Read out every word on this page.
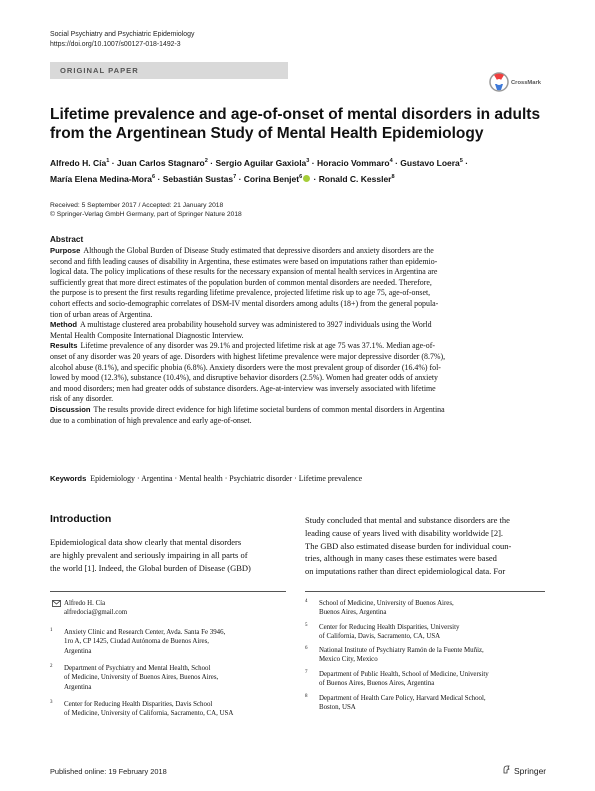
Social Psychiatry and Psychiatric Epidemiology
https://doi.org/10.1007/s00127-018-1492-3
ORIGINAL PAPER
CrossMark
Lifetime prevalence and age-of-onset of mental disorders in adults
from the Argentinean Study of Mental Health Epidemiology
Alfredo H. Cía$^1$ · Juan Carlos Stagnaro$^2$ · Sergio Aguilar Gaxiola$^3$ · Horacio Vommaro$^4$ · Gustavo Loera$^5$ ·
María Elena Medina-Mora$^6$ · Sebastián Sustas$^7$ · Corina Benjet$^6$ · Ronald C. Kessler$^8$
Received: 5 September 2017 / Accepted: 21 January 2018
© Springer-Verlag GmbH Germany, part of Springer Nature 2018
Abstract
Purpose Although the Global Burden of Disease Study estimated that depressive disorders and anxiety disorders are the
second and fifth leading causes of disability in Argentina, these estimates were based on imputations rather than epidemio-
logical data. The policy implications of these results for the necessary expansion of mental health services in Argentina are
sufficiently great that more direct estimates of the population burden of common mental disorders are needed. Therefore,
the purpose is to present the first results regarding lifetime prevalence, projected lifetime risk up to age 75, age-of-onset,
cohort effects and socio-demographic correlates of DSM-IV mental disorders among adults (18+) from the general popula-
tion of urban areas of Argentina.
Method A multistage clustered area probability household survey was administered to 3927 individuals using the World
Mental Health Composite International Diagnostic Interview.
Results Lifetime prevalence of any disorder was 29.1% and projected lifetime risk at age 75 was 37.1%. Median age-of-
onset of any disorder was 20 years of age. Disorders with highest lifetime prevalence were major depressive disorder (8.7%),
alcohol abuse (8.1%), and specific phobia (6.8%). Anxiety disorders were the most prevalent group of disorder (16.4%) fol-
lowed by mood (12.3%), substance (10.4%), and disruptive behavior disorders (2.5%). Women had greater odds of anxiety
and mood disorders; men had greater odds of substance disorders. Age-at-interview was inversely associated with lifetime
risk of any disorder.
Discussion The results provide direct evidence for high lifetime societal burdens of common mental disorders in Argentina
due to a combination of high prevalence and early age-of-onset.
Keywords Epidemiology · Argentina · Mental health · Psychiatric disorder · Lifetime prevalence
Introduction
Epidemiological data show clearly that mental disorders
are highly prevalent and seriously impairing in all parts of
the world [1]. Indeed, the Global burden of Disease (GBD)
Study concluded that mental and substance disorders are the
leading cause of years lived with disability worldwide [2].
The GBD also estimated disease burden for individual coun-
tries, although in many cases these estimates were based
on imputations rather than direct epidemiological data. For
Alfredo H. Cía
alfredocia@gmail.com
1 Anxiety Clinic and Research Center, Avda. Santa Fe 3946,
1ro A, CP 1425, Ciudad Autónoma de Buenos Aires,
Argentina
2 Department of Psychiatry and Mental Health, School
of Medicine, University of Buenos Aires, Buenos Aires,
Argentina
3 Center for Reducing Health Disparities, Davis School
of Medicine, University of California, Sacramento, CA, USA
4 School of Medicine, University of Buenos Aires,
Buenos Aires, Argentina
5 Center for Reducing Health Disparities, University
of California, Davis, Sacramento, CA, USA
6 National Institute of Psychiatry Ramón de la Fuente Muñiz,
Mexico City, Mexico
7 Department of Public Health, School of Medicine, University
of Buenos Aires, Buenos Aires, Argentina
8 Department of Health Care Policy, Harvard Medical School,
Boston, USA
Published online: 19 February 2018	Springer
